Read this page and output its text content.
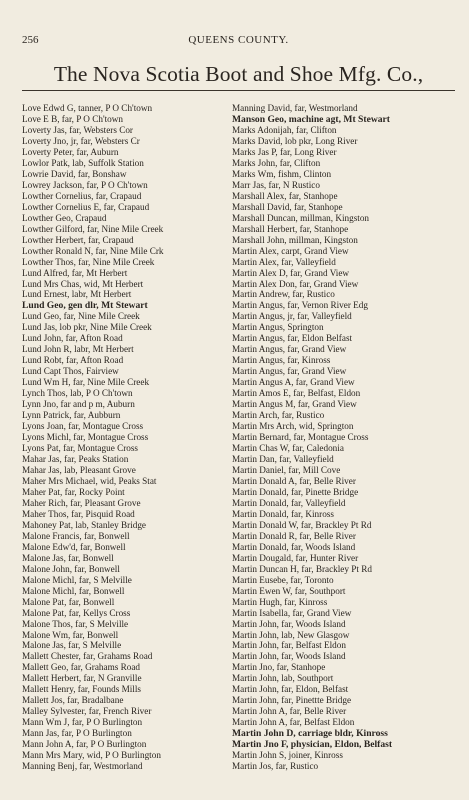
256	QUEENS COUNTY.
The Nova Scotia Boot and Shoe Mfg. Co.,
Love Edwd G, tanner, P O Ch'town
Love E B, far, P O Ch'town
Loverty Jas, far, Websters Cor
Loverty Jno, jr, far, Websters Cr
Loverty Peter, far, Auburn
Lowlor Patk, lab, Suffolk Station
Lowrie David, far, Bonshaw
Lowrey Jackson, far, P O Ch'town
Lowther Cornelius, far, Crapaud
Lowther Cornelius E, far, Crapaud
Lowther Geo, Crapaud
Lowther Gilford, far, Nine Mile Creek
Lowther Herbert, far, Crapaud
Lowther Ronald N, far, Nine Mile Crk
Lowther Thos, far, Nine Mile Creek
Lund Alfred, far, Mt Herbert
Lund Mrs Chas, wid, Mt Herbert
Lund Ernest, labr, Mt Herbert
Lund Geo, gen dlr, Mt Stewart
Lund Geo, far, Nine Mile Creek
Lund Jas, lob pkr, Nine Mile Creek
Lund John, far, Afton Road
Lund John R, labr, Mt Herbert
Lund Robt, far, Afton Road
Lund Capt Thos, Fairview
Lund Wm H, far, Nine Mile Creek
Lynch Thos, lab, P O Ch'town
Lynn Jno, far and p m, Auburn
Lynn Patrick, far, Aubburn
Lyons Joan, far, Montague Cross
Lyons Michl, far, Montague Cross
Lyons Pat, far, Montague Cross
Mahar Jas, far, Peaks Station
Mahar Jas, lab, Pleasant Grove
Maher Mrs Michael, wid, Peaks Stat
Maher Pat, far, Rocky Point
Maher Rich, far, Pleasant Grove
Maher Thos, far, Pisquid Road
Mahoney Pat, lab, Stanley Bridge
Malone Francis, far, Bonwell
Malone Edw'd, far, Bonwell
Malone Jas, far, Bonwell
Malone John, far, Bonwell
Malone Michl, far, S Melville
Malone Michl, far, Bonwell
Malone Pat, far, Bonwell
Malone Pat, far, Kellys Cross
Malone Thos, far, S Melville
Malone Wm, far, Bonwell
Malone Jas, far, S Melville
Mallett Chester, far, Grahams Road
Mallett Geo, far, Grahams Road
Mallett Herbert, far, N Granville
Mallett Henry, far, Founds Mills
Mallett Jos, far, Bradalbane
Malley Sylvester, far, French River
Mann Wm J, far, P O Burlington
Mann Jas, far, P O Burlington
Mann John A, far, P O Burlington
Mann Mrs Mary, wid, P O Burlington
Manning Benj, far, Westmorland
Manning David, far, Westmorland
Manson Geo, machine agt, Mt Stewart
Marks Adonijah, far, Clifton
Marks David, lob pkr, Long River
Marks Jas P, far, Long River
Marks John, far, Clifton
Marks Wm, fishm, Clinton
Marr Jas, far, N Rustico
Marshall Alex, far, Stanhope
Marshall David, far, Stanhope
Marshall Duncan, millman, Kingston
Marshall Herbert, far, Stanhope
Marshall John, millman, Kingston
Martin Alex, carpt, Grand View
Martin Alex, far, Valleyfield
Martin Alex D, far, Grand View
Martin Alex Don, far, Grand View
Martin Andrew, far, Rustico
Martin Angus, far, Vernon River Edg
Martin Angus, jr, far, Valleyfield
Martin Angus, Springton
Martin Angus, far, Eldon Belfast
Martin Angus, far, Grand View
Martin Angus, far, Kinross
Martin Angus, far, Grand View
Martin Angus A, far, Grand View
Martin Amos E, far, Belfast, Eldon
Martin Angus M, far, Grand View
Martin Arch, far, Rustico
Martin Mrs Arch, wid, Springton
Martin Bernard, far, Montague Cross
Martin Chas W, far, Caledonia
Martin Dan, far, Valleyfield
Martin Daniel, far, Mill Cove
Martin Donald A, far, Belle River
Martin Donald, far, Pinette Bridge
Martin Donald, far, Valleyfield
Martin Donald, far, Kinross
Martin Donald W, far, Brackley Pt Rd
Martin Donald R, far, Belle River
Martin Donald, far, Woods Island
Martin Dougald, far, Hunter River
Martin Duncan H, far, Brackley Pt Rd
Martin Eusebe, far, Toronto
Martin Ewen W, far, Southport
Martin Hugh, far, Kinross
Martin Isabella, far, Grand View
Martin John, far, Woods Island
Martin John, lab, New Glasgow
Martin John, far, Belfast Eldon
Martin John, far, Woods Island
Martin Jno, far, Stanhope
Martin John, lab, Southport
Martin John, far, Eldon, Belfast
Martin John, far, Pinettte Bridge
Martin John A, far, Belle River
Martin John A, far, Belfast Eldon
Martin John D, carriage bldr, Kinross
Martin Jno F, physician, Eldon, Belfast
Martin John S, joiner, Kinross
Martin Jos, far, Rustico
